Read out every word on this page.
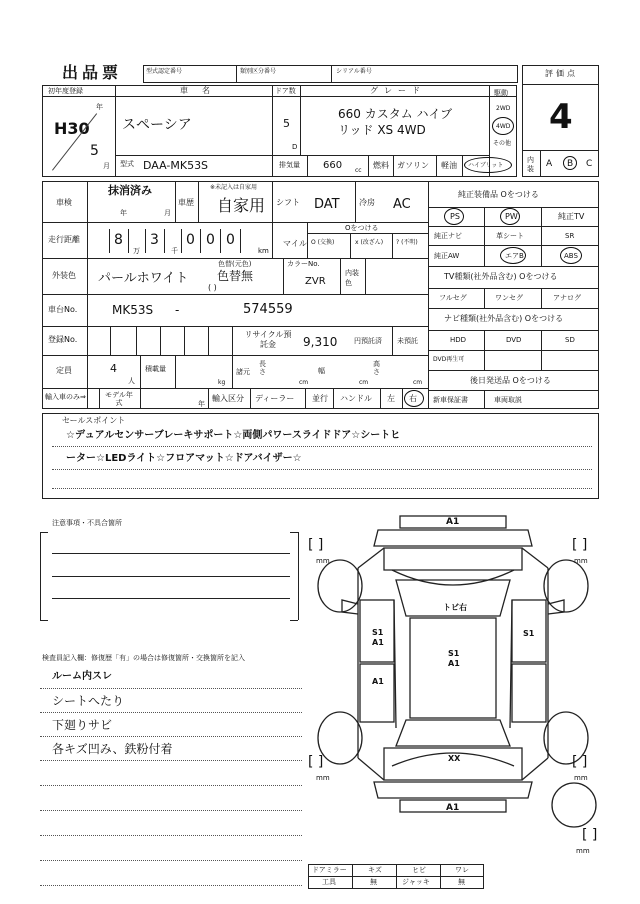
出品票	型式認定番号	類別区分番号	シリアル番号	評価点
4
内装	A B C
初年度登録
年
H30
5
月
車名
スペーシア
ドア数
5
D
グレード
660 カスタム ハイブ
リッド XS 4WD
駆動
2WD
4WD
その他
型式 DAA-MK53S	排気量 660 cc
燃料 ガソリン 軽油 ハイブリット
車検
抹消済み
年	月
車歴
※未記入は自家用
自家用 シフト DAT 冷房 AC
走行距離 8
万
3
千
0 0 0
km
マイル
Oをつける
O (交換)	x (改ざん) ? (不明)
外装色 パールホワイト
色替(元色)
色替無
( )
カラーNo.
ZVR
内装色
車台No.	MK53S -	574559
登録No.
リサイクル預託金	9,310 円預託済 未預託
定員	4
人
積載量
kg
諸元
長さ
cm
幅
cm
高さ
cm
輸入車のみ⇒	モデル年式	年
輸入区分 ディーラー 並行 ハンドル 左 右
純正装備品 Oをつける
PS	PW	純正TV
純正ナビ	革シート	SR
純正AW	エアB	ABS
TV種類(社外品含む) Oをつける
フルセグ	ワンセグ	アナログ
ナビ種類(社外品含む) Oをつける
HDD	DVD	SD
DVD再生可
後日発送品 Oをつける
新車保証書	車両取説
セールスポイント
☆デュアルセンサーブレーキサポート☆両側パワースライドドア☆シートヒ
ーター☆LEDライト☆フロアマット☆ドアバイザー☆
注意事項・不具合箇所
検査員記入欄：修復歴「有」の場合は修復箇所・交換箇所を記入
ルーム内スレ
シートへたり
下廻りサビ
各キズ凹み、鉄粉付着
A1
トビ右
S1
A1
S1
S1
A1
A1
XX
A1
[ ]
mm
[ ]
mm
[ ]
mm
[ ]
mm
[ ]
mm
ドアミラー	キズ	ヒビ	ワレ
工具	無	ジャッキ	無
